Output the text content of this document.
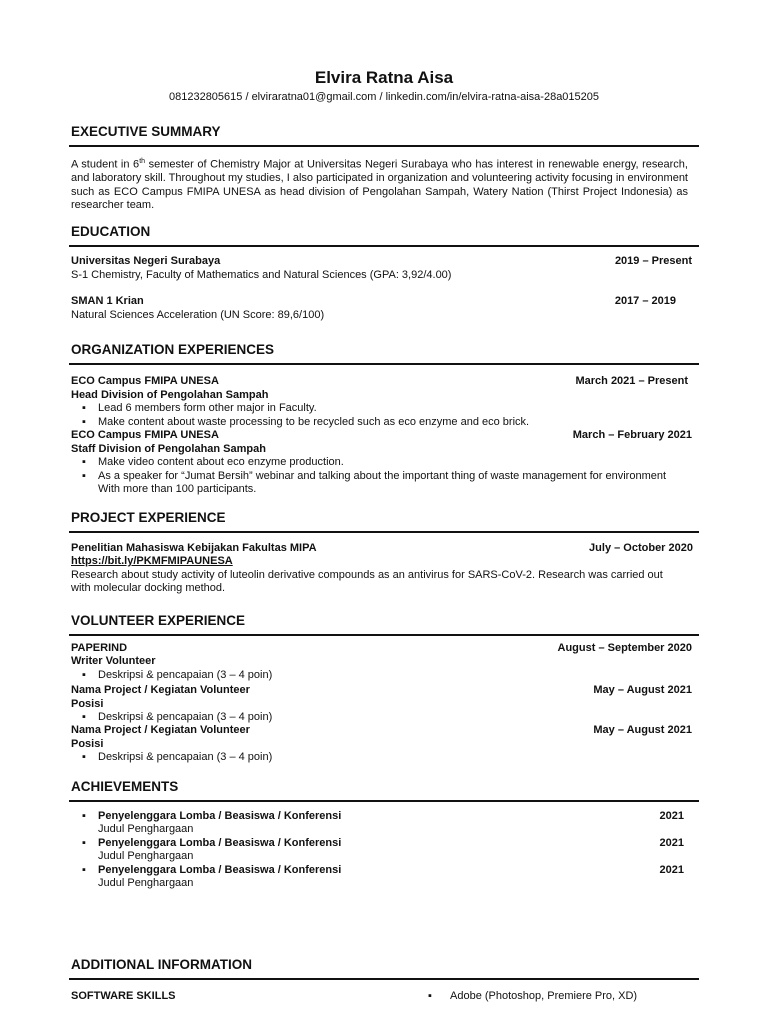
Elvira Ratna Aisa
081232805615 / elviraratna01@gmail.com / linkedin.com/in/elvira-ratna-aisa-28a015205
EXECUTIVE SUMMARY
A student in 6th semester of Chemistry Major at Universitas Negeri Surabaya who has interest in renewable energy, research, and laboratory skill. Throughout my studies, I also participated in organization and volunteering activity focusing in environment such as ECO Campus FMIPA UNESA as head division of Pengolahan Sampah, Watery Nation (Thirst Project Indonesia) as researcher team.
EDUCATION
Universitas Negeri Surabaya	2019 – Present
S-1 Chemistry, Faculty of Mathematics and Natural Sciences (GPA: 3,92/4.00)
SMAN 1 Krian	2017 – 2019
Natural Sciences Acceleration (UN Score: 89,6/100)
ORGANIZATION EXPERIENCES
ECO Campus FMIPA UNESA	March 2021 – Present
Head Division of Pengolahan Sampah
▪ Lead 6 members form other major in Faculty.
▪ Make content about waste processing to be recycled such as eco enzyme and eco brick.
ECO Campus FMIPA UNESA	March – February 2021
Staff Division of Pengolahan Sampah
▪ Make video content about eco enzyme production.
▪ As a speaker for “Jumat Bersih” webinar and talking about the important thing of waste management for environment
With more than 100 participants.
PROJECT EXPERIENCE
Penelitian Mahasiswa Kebijakan Fakultas MIPA	July – October 2020
https://bit.ly/PKMFMIPAUNESA
Research about study activity of luteolin derivative compounds as an antivirus for SARS-CoV-2. Research was carried out
with molecular docking method.
VOLUNTEER EXPERIENCE
PAPERIND	August – September 2020
Writer Volunteer
▪ Deskripsi & pencapaian (3 – 4 poin)
Nama Project / Kegiatan Volunteer	May – August 2021
Posisi
▪ Deskripsi & pencapaian (3 – 4 poin)
Nama Project / Kegiatan Volunteer	May – August 2021
Posisi
▪ Deskripsi & pencapaian (3 – 4 poin)
ACHIEVEMENTS
▪ Penyelenggara Lomba / Beasiswa / Konferensi	2021
Judul Penghargaan
▪ Penyelenggara Lomba / Beasiswa / Konferensi	2021
Judul Penghargaan
▪ Penyelenggara Lomba / Beasiswa / Konferensi	2021
Judul Penghargaan
ADDITIONAL INFORMATION
SOFTWARE SKILLS	▪ Adobe (Photoshop, Premiere Pro, XD)
